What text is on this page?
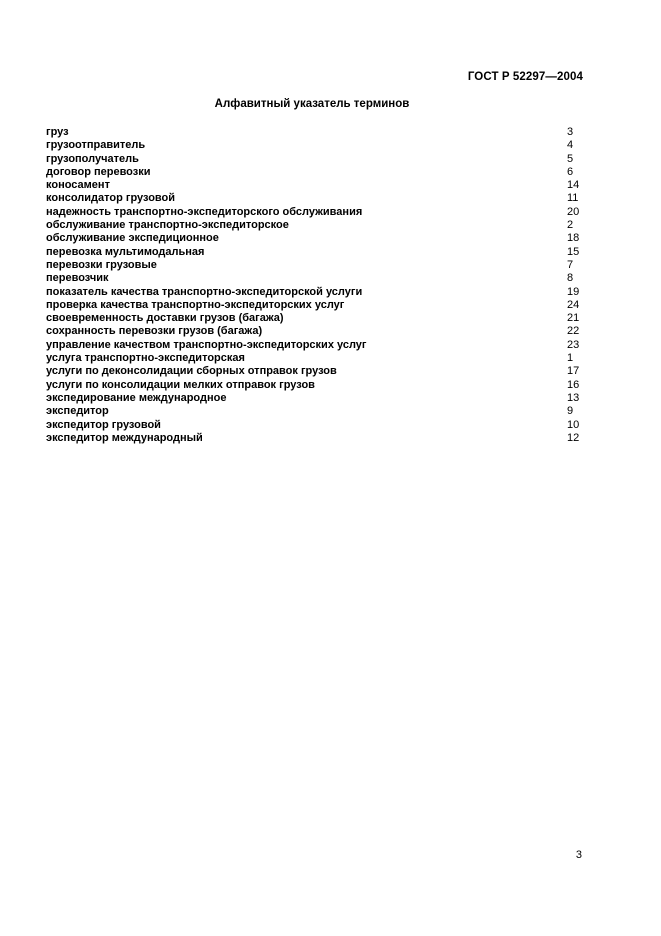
ГОСТ Р 52297—2004
Алфавитный указатель терминов
груз	3
грузоотправитель	4
грузополучатель	5
договор перевозки	6
коносамент	14
консолидатор грузовой	11
надежность транспортно-экспедиторского обслуживания	20
обслуживание транспортно-экспедиторское	2
обслуживание экспедиционное	18
перевозка мультимодальная	15
перевозки грузовые	7
перевозчик	8
показатель качества транспортно-экспедиторской услуги	19
проверка качества транспортно-экспедиторских услуг	24
своевременность доставки грузов (багажа)	21
сохранность перевозки грузов (багажа)	22
управление качеством транспортно-экспедиторских услуг	23
услуга транспортно-экспедиторская	1
услуги по деконсолидации сборных отправок грузов	17
услуги по консолидации мелких отправок грузов	16
экспедирование международное	13
экспедитор	9
экспедитор грузовой	10
экспедитор международный	12
3
